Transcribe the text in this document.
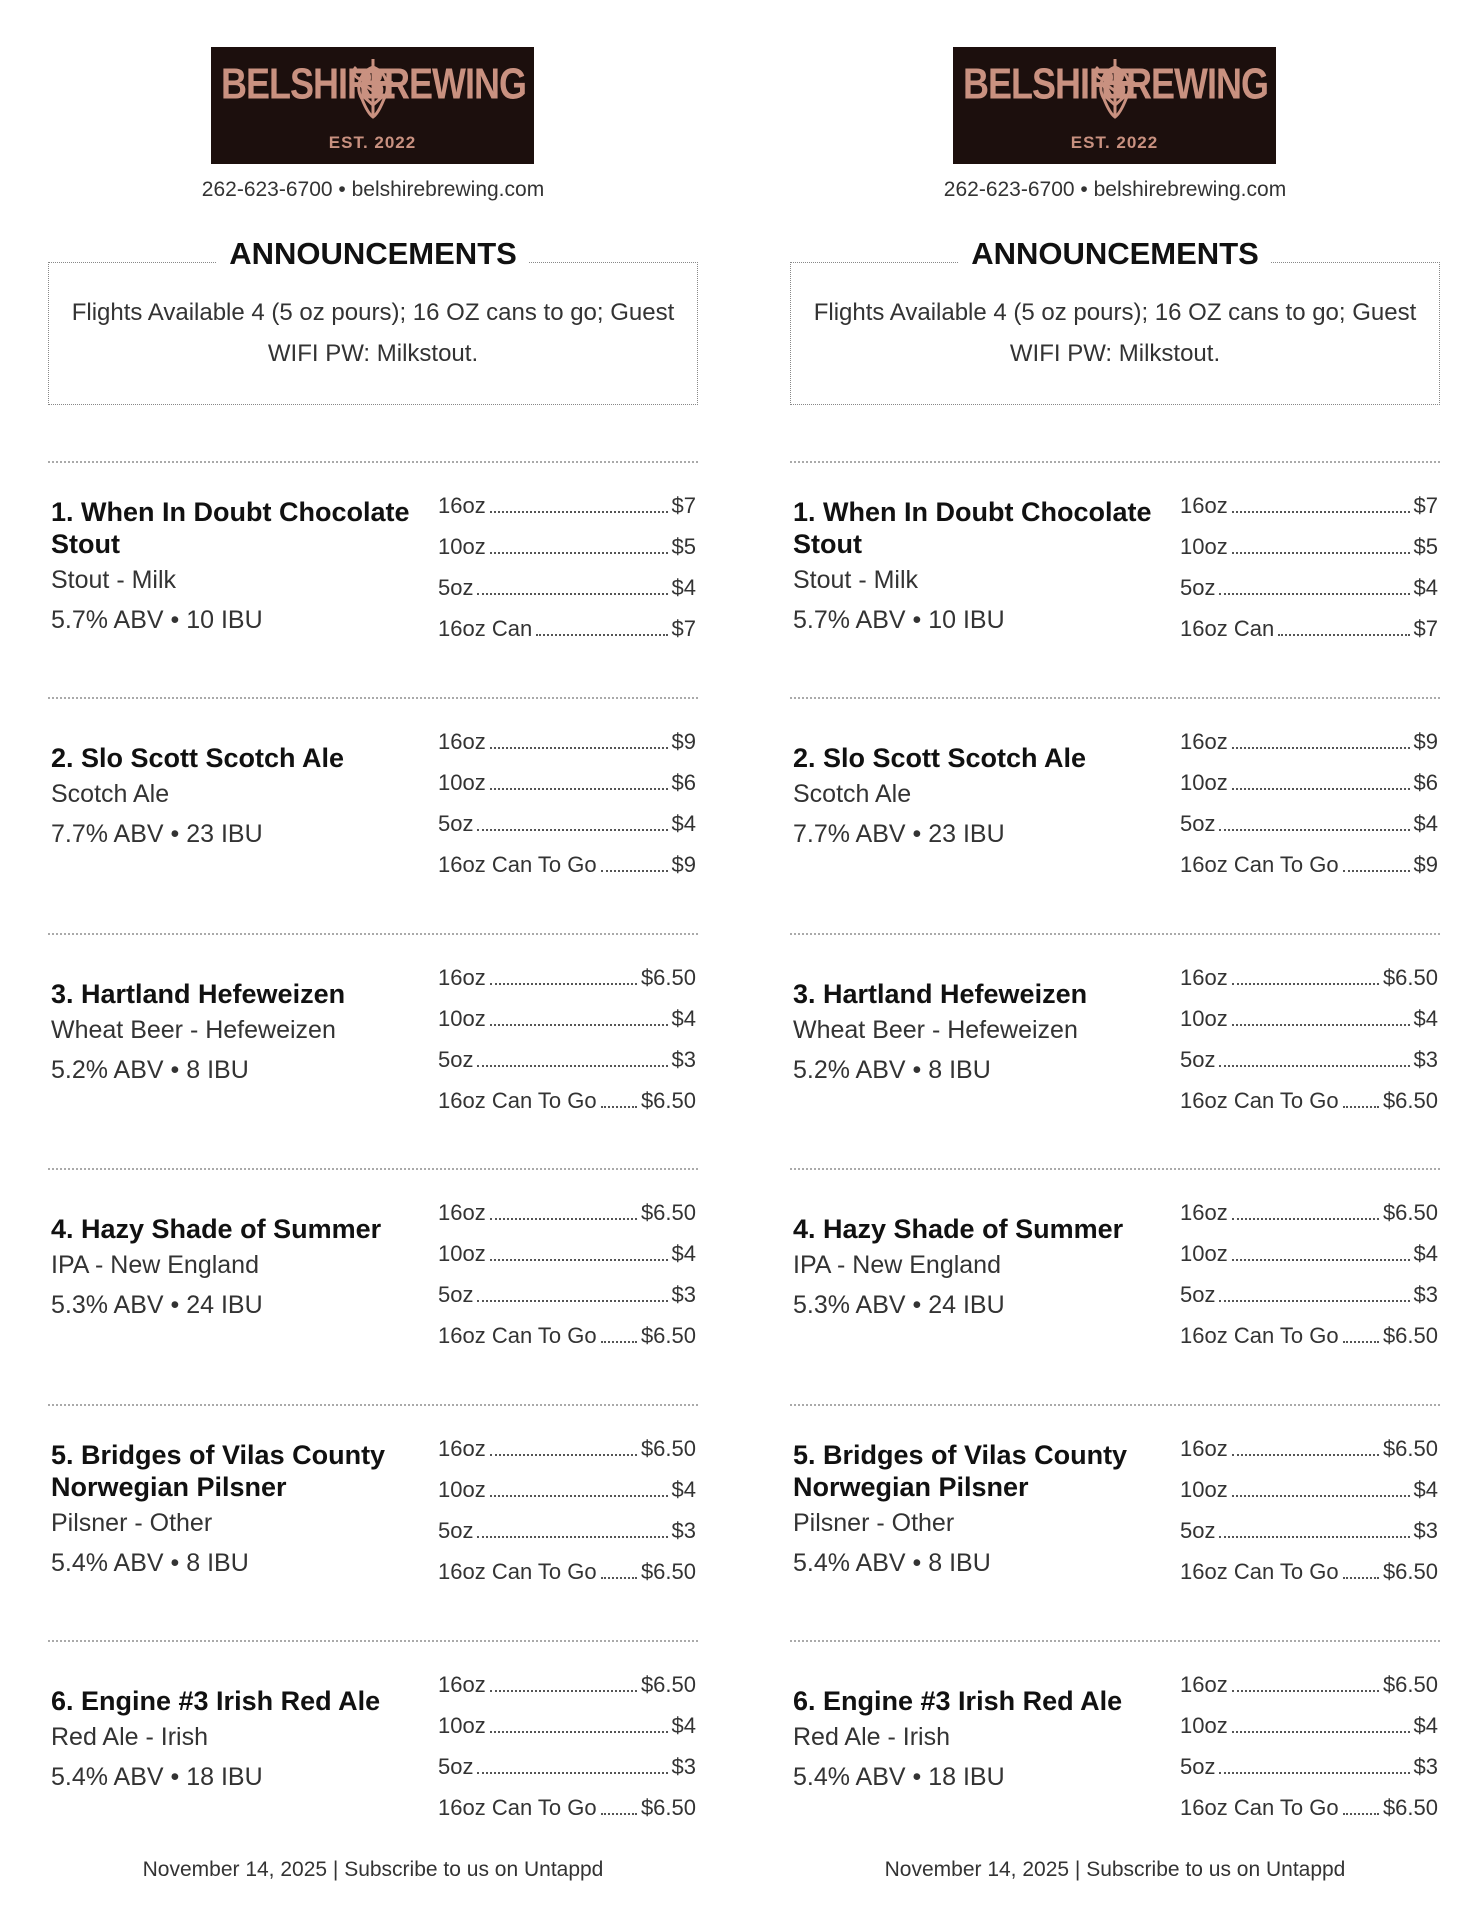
BELSHIRE
BREWING
EST. 2022
262-623-6700 • belshirebrewing.com
ANNOUNCEMENTS
Flights Available 4 (5 oz pours); 16 OZ cans to go; Guest WIFI PW: Milkstout.
November 14, 2025 | Subscribe to us on Untappd
1. When In Doubt Chocolate Stout
Stout - Milk
5.7% ABV • 10 IBU
16oz	$7
10oz	$5
5oz	$4
16oz Can	$7
2. Slo Scott Scotch Ale
Scotch Ale
7.7% ABV • 23 IBU
16oz	$9
10oz	$6
5oz	$4
16oz Can To Go	$9
3. Hartland Hefeweizen
Wheat Beer - Hefeweizen
5.2% ABV • 8 IBU
16oz	$6.50
10oz	$4
5oz	$3
16oz Can To Go $6.50
4. Hazy Shade of Summer
IPA - New England
5.3% ABV • 24 IBU
16oz	$6.50
10oz	$4
5oz	$3
16oz Can To Go $6.50
5. Bridges of Vilas County Norwegian Pilsner
Pilsner - Other
5.4% ABV • 8 IBU
16oz	$6.50
10oz	$4
5oz	$3
16oz Can To Go $6.50
6. Engine #3 Irish Red Ale
Red Ale - Irish
5.4% ABV • 18 IBU
16oz	$6.50
10oz	$4
5oz	$3
16oz Can To Go $6.50
BELSHIRE
BREWING
EST. 2022
262-623-6700 • belshirebrewing.com
ANNOUNCEMENTS
Flights Available 4 (5 oz pours); 16 OZ cans to go; Guest WIFI PW: Milkstout.
November 14, 2025 | Subscribe to us on Untappd
1. When In Doubt Chocolate Stout
Stout - Milk
5.7% ABV • 10 IBU
16oz	$7
10oz	$5
5oz	$4
16oz Can	$7
2. Slo Scott Scotch Ale
Scotch Ale
7.7% ABV • 23 IBU
16oz	$9
10oz	$6
5oz	$4
16oz Can To Go	$9
3. Hartland Hefeweizen
Wheat Beer - Hefeweizen
5.2% ABV • 8 IBU
16oz	$6.50
10oz	$4
5oz	$3
16oz Can To Go $6.50
4. Hazy Shade of Summer
IPA - New England
5.3% ABV • 24 IBU
16oz	$6.50
10oz	$4
5oz	$3
16oz Can To Go $6.50
5. Bridges of Vilas County Norwegian Pilsner
Pilsner - Other
5.4% ABV • 8 IBU
16oz	$6.50
10oz	$4
5oz	$3
16oz Can To Go $6.50
6. Engine #3 Irish Red Ale
Red Ale - Irish
5.4% ABV • 18 IBU
16oz	$6.50
10oz	$4
5oz	$3
16oz Can To Go $6.50
